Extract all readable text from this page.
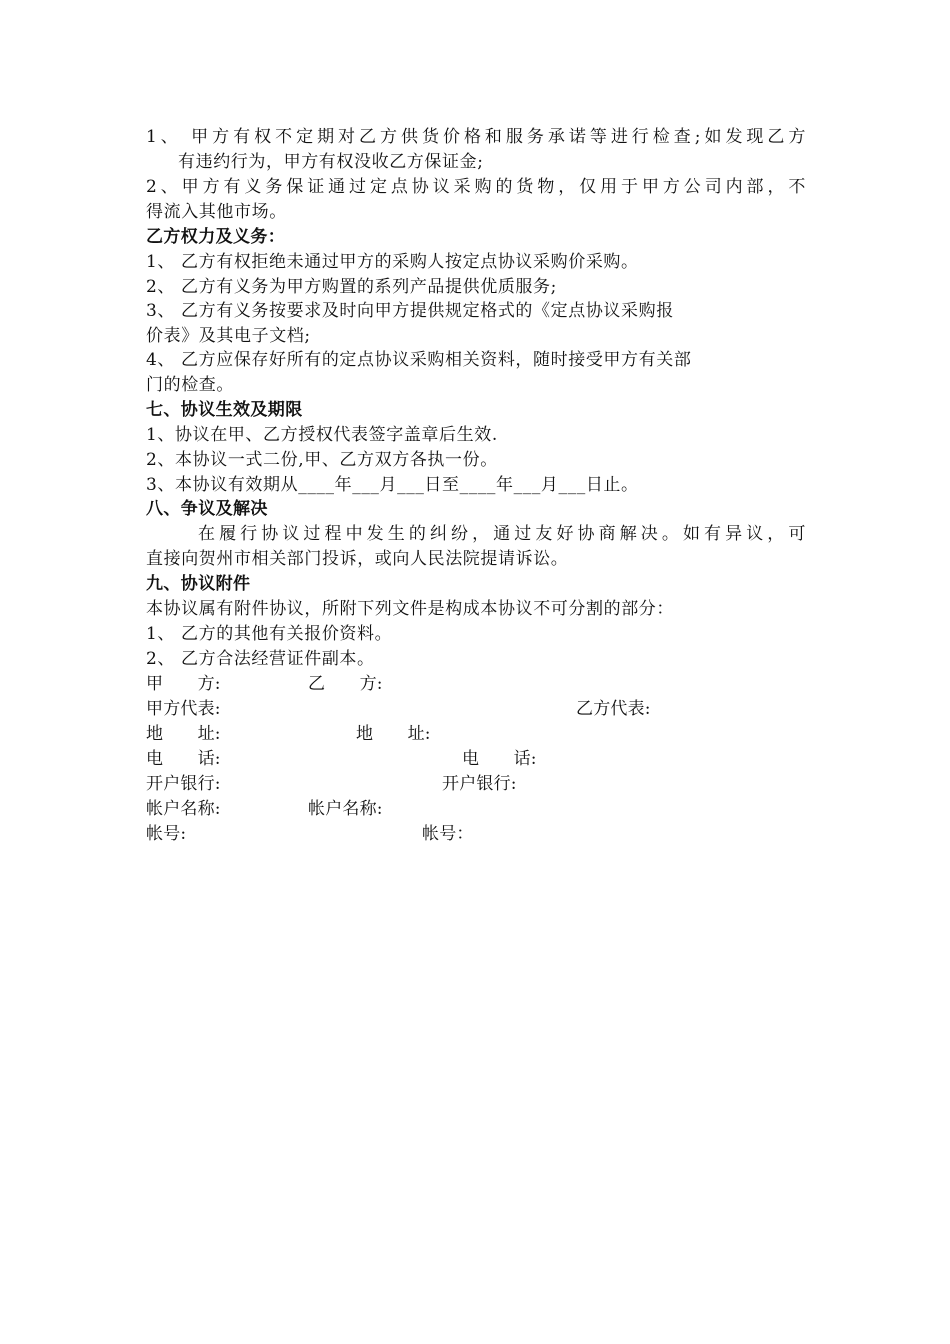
1、 甲方有权不定期对乙方供货价格和服务承诺等进行检查;如发现乙方
有违约行为，甲方有权没收乙方保证金;
2、甲方有义务保证通过定点协议采购的货物，仅用于甲方公司内部，不
得流入其他市场。
乙方权力及义务：
1、 乙方有权拒绝未通过甲方的采购人按定点协议采购价采购。
2、 乙方有义务为甲方购置的系列产品提供优质服务;
3、 乙方有义务按要求及时向甲方提供规定格式的《定点协议采购报
价表》及其电子文档;
4、 乙方应保存好所有的定点协议采购相关资料，随时接受甲方有关部
门的检查。
七、协议生效及期限
1、协议在甲、乙方授权代表签字盖章后生效.
2、本协议一式二份,甲、乙方双方各执一份。
3、本协议有效期从____年___月___日至____年___月___日止。
八、争议及解决
在履行协议过程中发生的纠纷，通过友好协商解决。如有异议，可
直接向贺州市相关部门投诉，或向人民法院提请诉讼。
九、协议附件
本协议属有附件协议，所附下列文件是构成本协议不可分割的部分：
1、 乙方的其他有关报价资料。
2、 乙方合法经营证件副本。
甲　　方:	乙　　方:
甲方代表:	乙方代表:
地　　址:	地　　址:
电　　话:	电　　话:
开户银行:	开户银行:
帐户名称:	帐户名称:
帐号:	帐号：
